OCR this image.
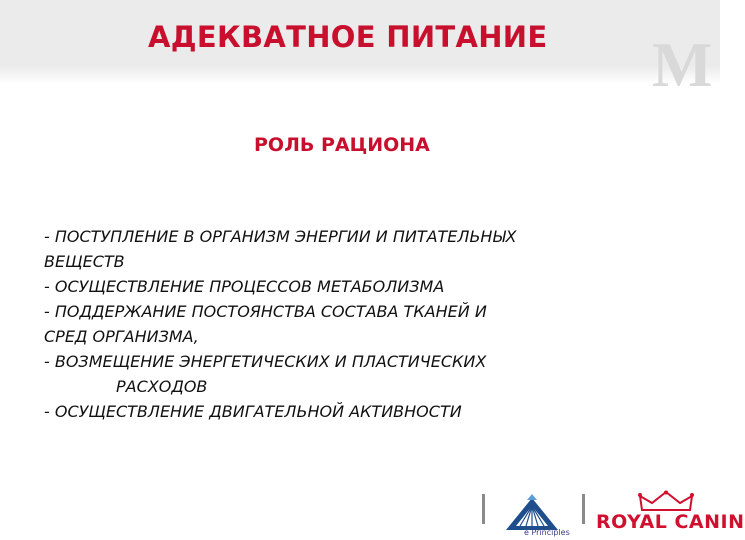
M
АДЕКВАТНОЕ ПИТАНИЕ
РОЛЬ РАЦИОНА
- ПОСТУПЛЕНИЕ В ОРГАНИЗМ ЭНЕРГИИ И ПИТАТЕЛЬНЫХ
ВЕЩЕСТВ
- ОСУЩЕСТВЛЕНИЕ ПРОЦЕССОВ МЕТАБОЛИЗМА
- ПОДДЕРЖАНИЕ ПОСТОЯНСТВА СОСТАВА ТКАНЕЙ И
СРЕД ОРГАНИЗМА,
- ВОЗМЕЩЕНИЕ ЭНЕРГЕТИЧЕСКИХ И ПЛАСТИЧЕСКИХ
РАСХОДОВ
- ОСУЩЕСТВЛЕНИЕ ДВИГАТЕЛЬНОЙ АКТИВНОСТИ
e Principles ROYAL CANIN
